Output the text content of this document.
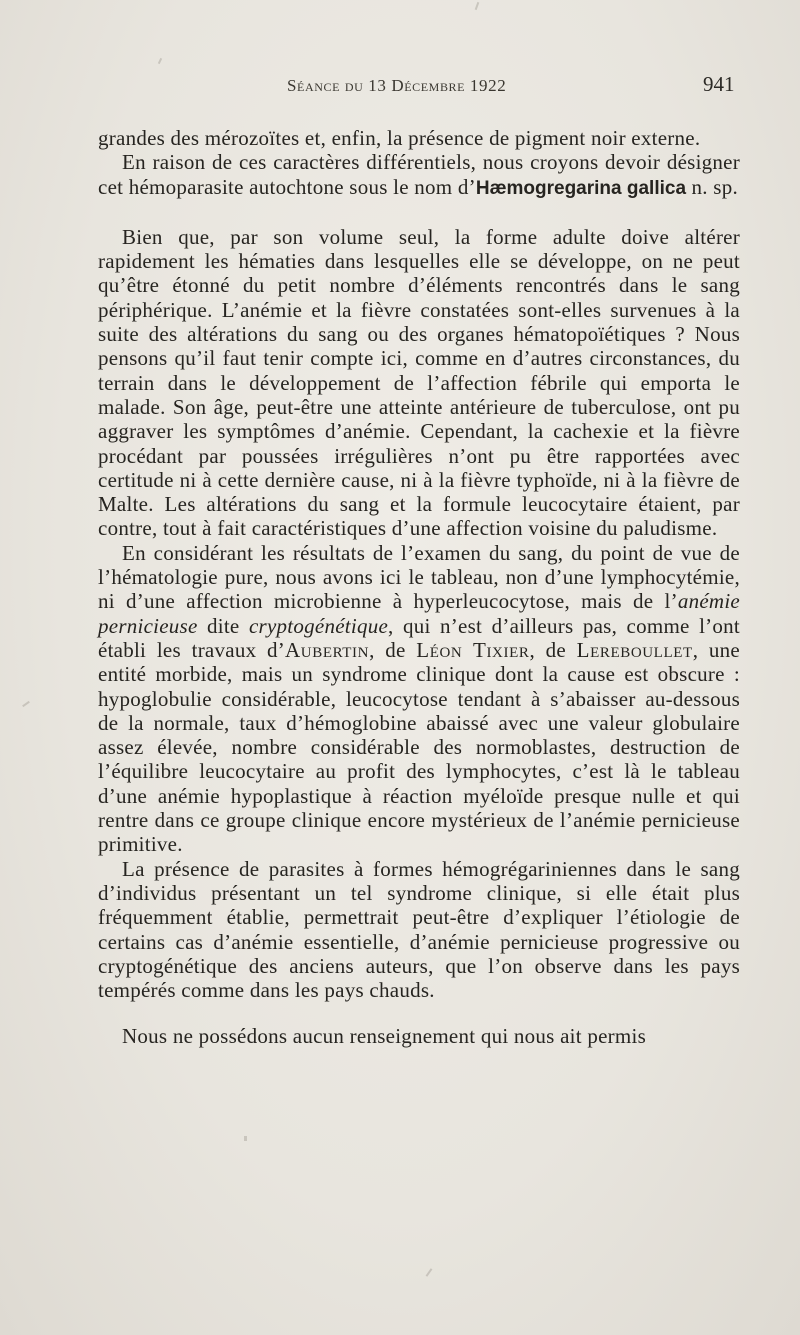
Séance du 13 Décembre 1922	941

grandes des mérozoïtes et, enfin, la présence de pigment noir externe.

En raison de ces caractères différentiels, nous croyons devoir désigner cet hémoparasite autochtone sous le nom d’Hæmogregarina gallica n. sp.

Bien que, par son volume seul, la forme adulte doive altérer rapidement les hématies dans lesquelles elle se développe, on ne peut qu’être étonné du petit nombre d’éléments rencontrés dans le sang périphérique. L’anémie et la fièvre constatées sont-elles survenues à la suite des altérations du sang ou des organes hématopoïétiques ? Nous pensons qu’il faut tenir compte ici, comme en d’autres circonstances, du terrain dans le développement de l’affection fébrile qui emporta le malade. Son âge, peut-être une atteinte antérieure de tuberculose, ont pu aggraver les symptômes d’anémie. Cependant, la cachexie et la fièvre procédant par poussées irrégulières n’ont pu être rapportées avec certitude ni à cette dernière cause, ni à la fièvre typhoïde, ni à la fièvre de Malte. Les altérations du sang et la formule leucocytaire étaient, par contre, tout à fait caractéristiques d’une affection voisine du paludisme.

En considérant les résultats de l’examen du sang, du point de vue de l’hématologie pure, nous avons ici le tableau, non d’une lymphocytémie, ni d’une affection microbienne à hyperleucocytose, mais de l’anémie pernicieuse dite cryptogénétique, qui n’est d’ailleurs pas, comme l’ont établi les travaux d’Aubertin, de Léon Tixier, de Lereboullet, une entité morbide, mais un syndrome clinique dont la cause est obscure : hypoglobulie considérable, leucocytose tendant à s’abaisser au-dessous de la normale, taux d’hémoglobine abaissé avec une valeur globulaire assez élevée, nombre considérable des normoblastes, destruction de l’équilibre leucocytaire au profit des lymphocytes, c’est là le tableau d’une anémie hypoplastique à réaction myéloïde presque nulle et qui rentre dans ce groupe clinique encore mystérieux de l’anémie pernicieuse primitive.

La présence de parasites à formes hémogrégariniennes dans le sang d’individus présentant un tel syndrome clinique, si elle était plus fréquemment établie, permettrait peut-être d’expliquer l’étiologie de certains cas d’anémie essentielle, d’anémie pernicieuse progressive ou cryptogénétique des anciens auteurs, que l’on observe dans les pays tempérés comme dans les pays chauds.

Nous ne possédons aucun renseignement qui nous ait permis
